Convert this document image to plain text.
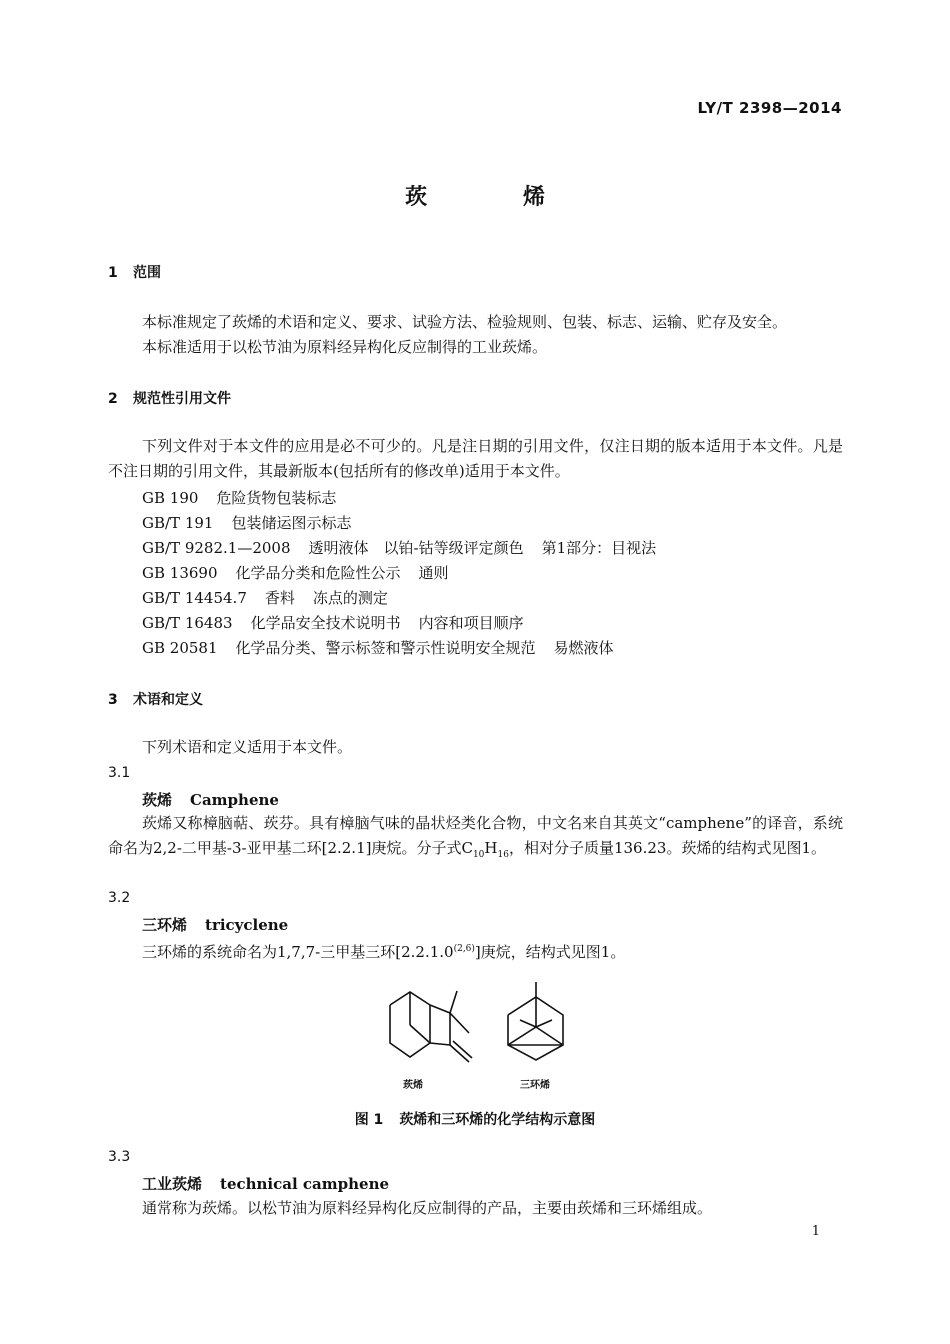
LY/T 2398—2014
莰	烯
1 范围
本标准规定了莰烯的术语和定义、要求、试验方法、检验规则、包装、标志、运输、贮存及安全。
本标准适用于以松节油为原料经异构化反应制得的工业莰烯。
2 规范性引用文件
下列文件对于本文件的应用是必不可少的。凡是注日期的引用文件，仅注日期的版本适用于本文件。凡是不注日期的引用文件，其最新版本(包括所有的修改单)适用于本文件。
GB 190 危险货物包装标志
GB/T 191 包装储运图示标志
GB/T 9282.1—2008 透明液体　以铂-钴等级评定颜色 第1部分：目视法
GB 13690 化学品分类和危险性公示 通则
GB/T 14454.7 香料 冻点的测定
GB/T 16483 化学品安全技术说明书 内容和项目顺序
GB 20581 化学品分类、警示标签和警示性说明安全规范 易燃液体
3 术语和定义
下列术语和定义适用于本文件。
3.1
莰烯 Camphene
莰烯又称樟脑萜、莰芬。具有樟脑气味的晶状烃类化合物，中文名来自其英文“camphene”的译音，系统命名为2,2-二甲基-3-亚甲基二环[2.2.1]庚烷。分子式$C_{10}H_{16}$，相对分子质量136.23。莰烯的结构式见图1。
3.2
三环烯 tricyclene
三环烯的系统命名为1,7,7-三甲基三环[2.2.1.0$^{(2,6)}$]庚烷，结构式见图1。
莰烯	三环烯
图 1 莰烯和三环烯的化学结构示意图
3.3
工业莰烯 technical camphene
通常称为莰烯。以松节油为原料经异构化反应制得的产品，主要由莰烯和三环烯组成。
1
